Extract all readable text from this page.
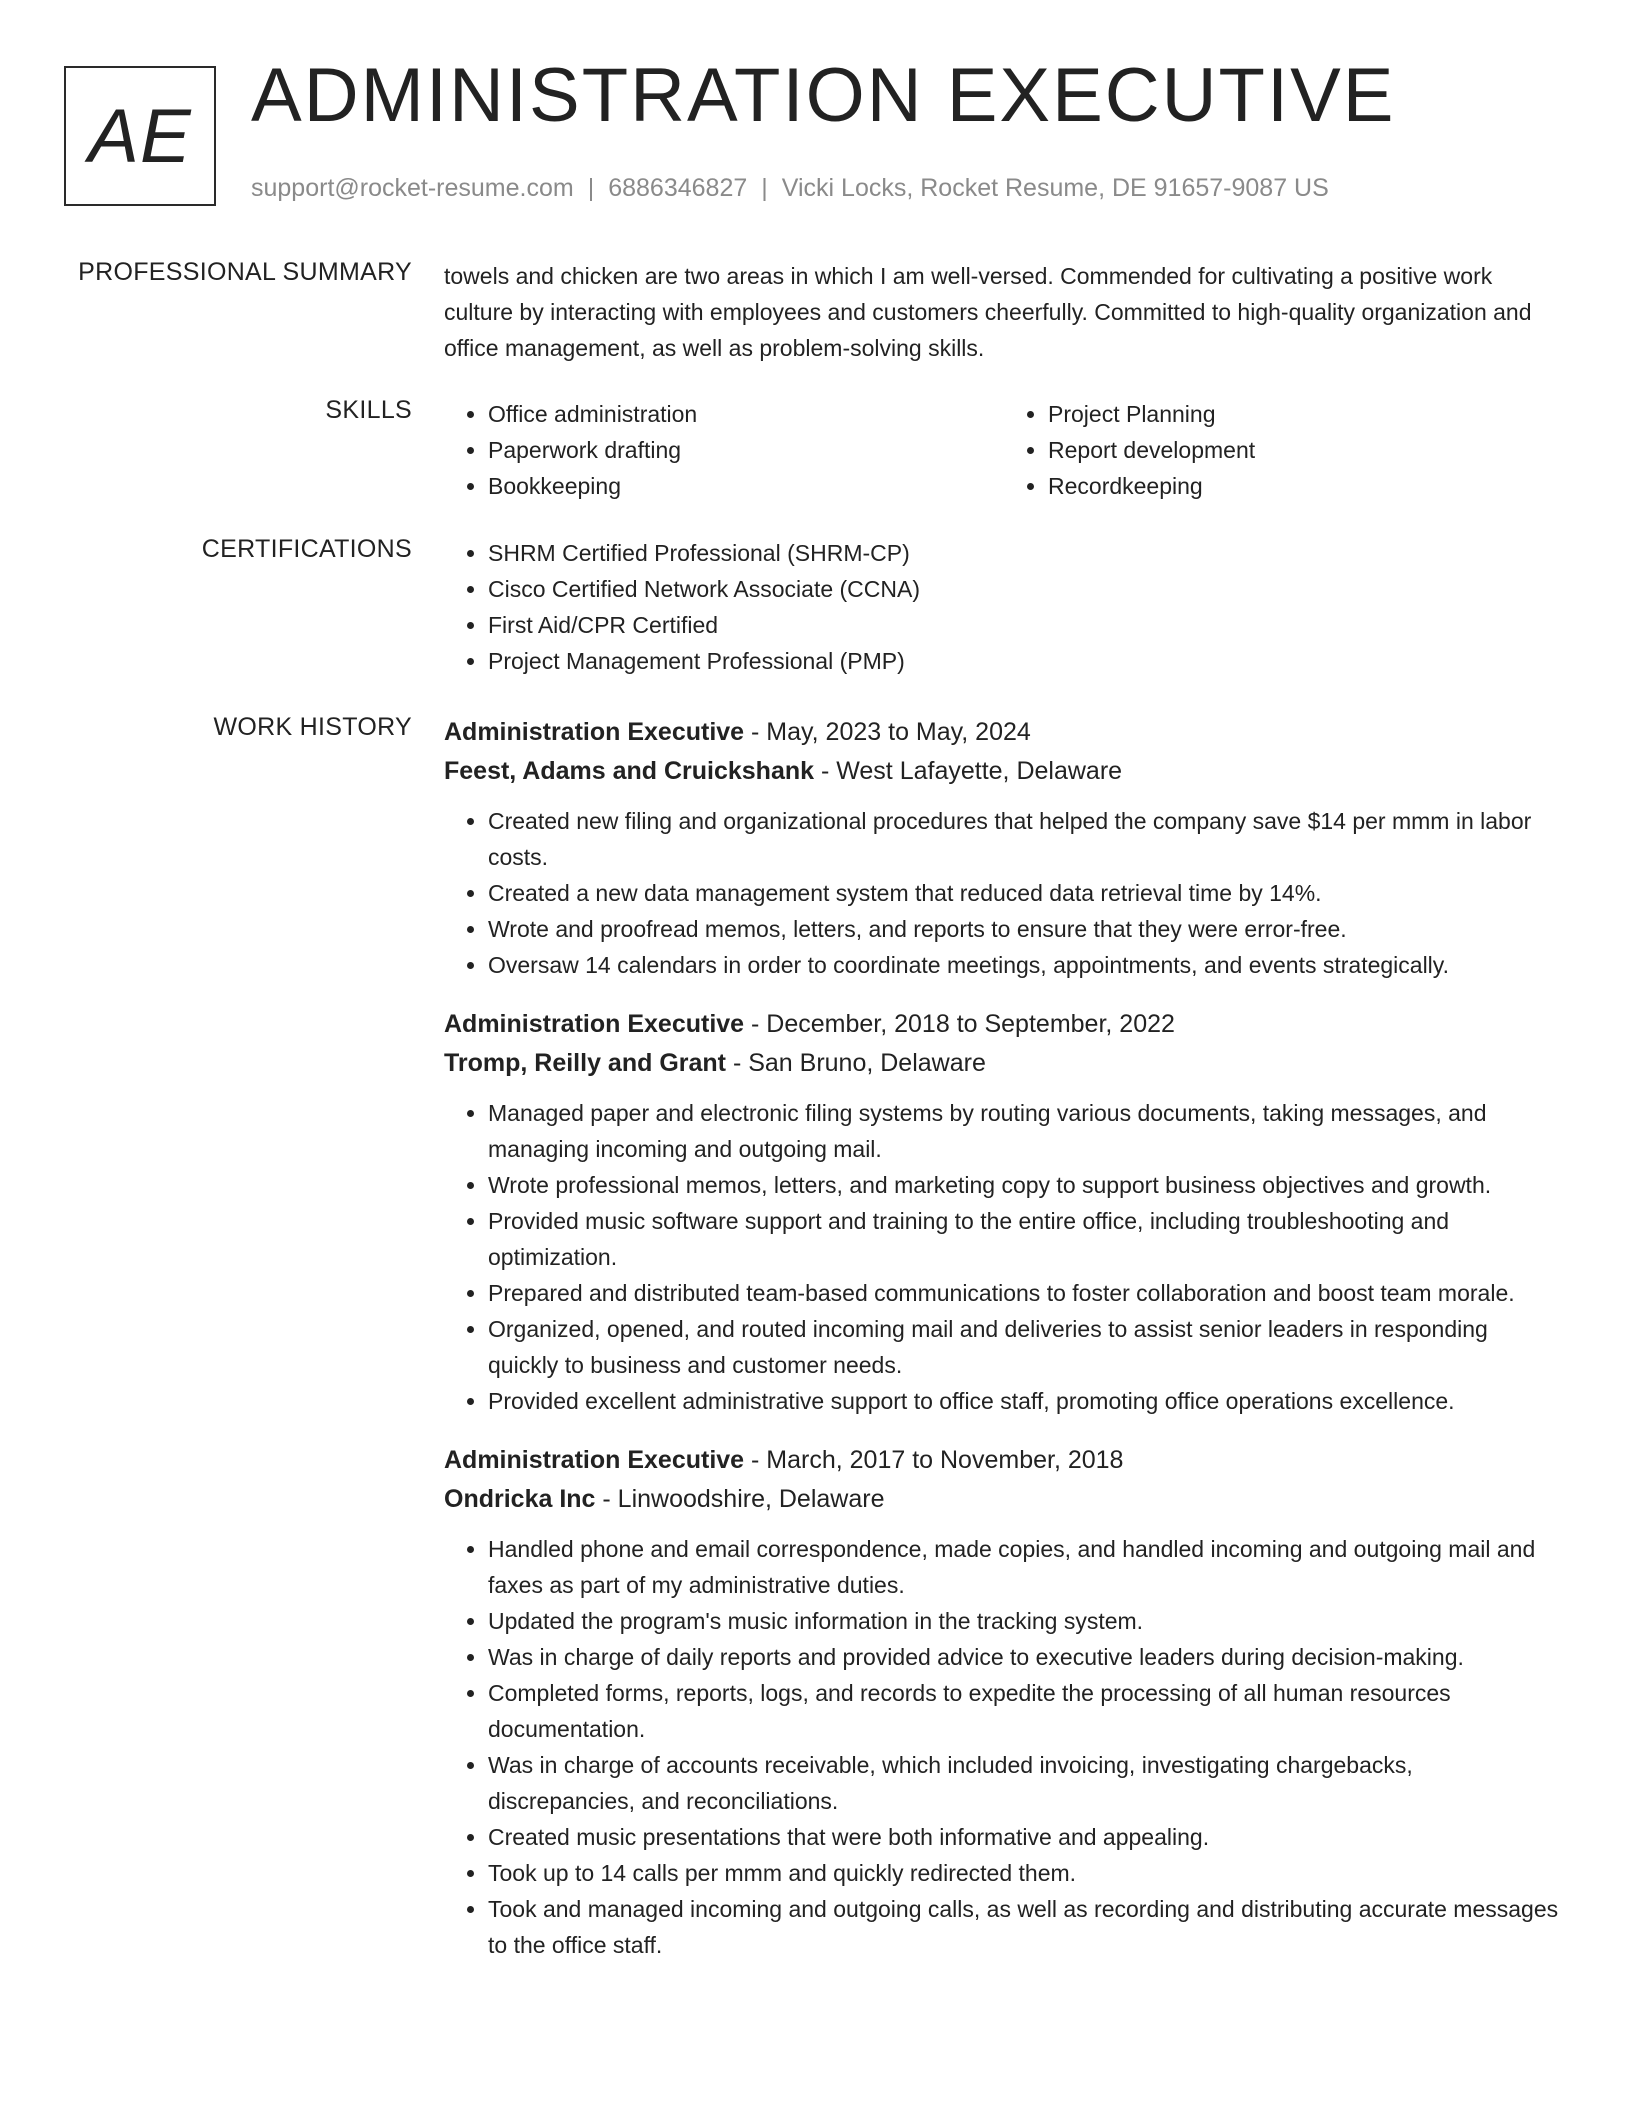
AE ADMINISTRATION EXECUTIVE
support@rocket-resume.com | 6886346827 | Vicki Locks, Rocket Resume, DE 91657-9087 US
PROFESSIONAL SUMMARY towels and chicken are two areas in which I am well-versed. Commended for cultivating a positive work culture by interacting with employees and customers cheerfully. Committed to high-quality organization and office management, as well as problem-solving skills.

SKILLS	• Office administration
• Paperwork drafting
• Bookkeeping
• Project Planning
• Report development
• Recordkeeping
CERTIFICATIONS	• SHRM Certified Professional (SHRM-CP)
• Cisco Certified Network Associate (CCNA)
• First Aid/CPR Certified
• Project Management Professional (PMP)
WORK HISTORY Administration Executive - May, 2023 to May, 2024
Feest, Adams and Cruickshank - West Lafayette, Delaware
• Created new filing and organizational procedures that helped the company save $14 per mmm in labor costs.
• Created a new data management system that reduced data retrieval time by 14%.
• Wrote and proofread memos, letters, and reports to ensure that they were error-free.
• Oversaw 14 calendars in order to coordinate meetings, appointments, and events strategically.
Administration Executive - December, 2018 to September, 2022
Tromp, Reilly and Grant - San Bruno, Delaware
• Managed paper and electronic filing systems by routing various documents, taking messages, and managing incoming and outgoing mail.
• Wrote professional memos, letters, and marketing copy to support business objectives and growth.
• Provided music software support and training to the entire office, including troubleshooting and optimization.
• Prepared and distributed team-based communications to foster collaboration and boost team morale.
• Organized, opened, and routed incoming mail and deliveries to assist senior leaders in responding quickly to business and customer needs.
• Provided excellent administrative support to office staff, promoting office operations excellence.
Administration Executive - March, 2017 to November, 2018
Ondricka Inc - Linwoodshire, Delaware
• Handled phone and email correspondence, made copies, and handled incoming and outgoing mail and faxes as part of my administrative duties.
• Updated the program's music information in the tracking system.
• Was in charge of daily reports and provided advice to executive leaders during decision-making.
• Completed forms, reports, logs, and records to expedite the processing of all human resources documentation.
• Was in charge of accounts receivable, which included invoicing, investigating chargebacks, discrepancies, and reconciliations.
• Created music presentations that were both informative and appealing.
• Took up to 14 calls per mmm and quickly redirected them.
• Took and managed incoming and outgoing calls, as well as recording and distributing accurate messages to the office staff.
